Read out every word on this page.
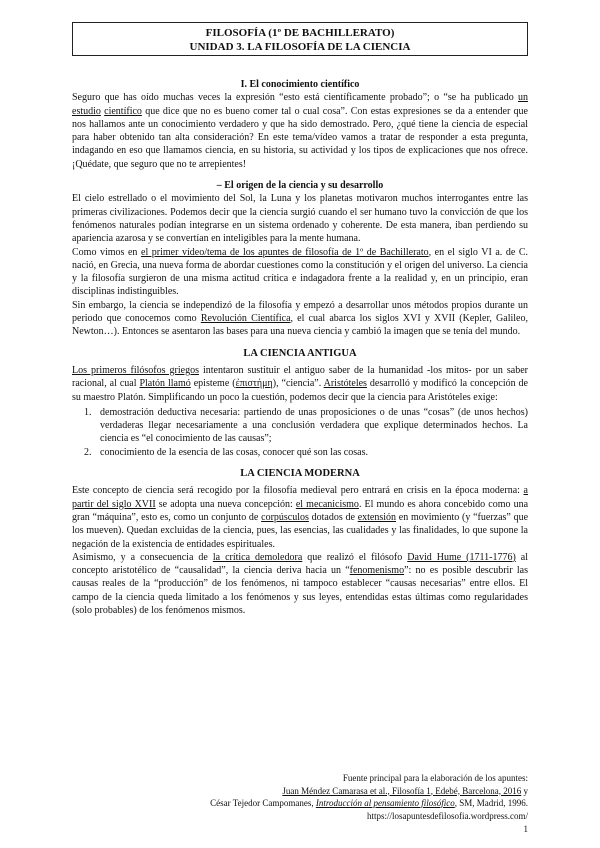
FILOSOFÍA (1º DE BACHILLERATO)
UNIDAD 3. LA FILOSOFÍA DE LA CIENCIA

I. El conocimiento científico

Seguro que has oído muchas veces la expresión “esto está científicamente probado”; o “se ha publicado un estudio científico que dice que no es bueno comer tal o cual cosa”. Con estas expresiones se da a entender que nos hallamos ante un conocimiento verdadero y que ha sido demostrado. Pero, ¿qué tiene la ciencia de especial para haber obtenido tan alta consideración? En este tema/vídeo vamos a tratar de responder a esta pregunta, indagando en eso que llamamos ciencia, en su historia, su actividad y los tipos de explicaciones que nos ofrece. ¡Quédate, que seguro que no te arrepientes!

– El origen de la ciencia y su desarrollo

El cielo estrellado o el movimiento del Sol, la Luna y los planetas motivaron muchos interrogantes entre las primeras civilizaciones. Podemos decir que la ciencia surgió cuando el ser humano tuvo la convicción de que los fenómenos naturales podían integrarse en un sistema ordenado y coherente. De esta manera, iban perdiendo su apariencia azarosa y se convertían en inteligibles para la mente humana.

Como vimos en el primer vídeo/tema de los apuntes de filosofía de 1º de Bachillerato, en el siglo VI a. de C. nació, en Grecia, una nueva forma de abordar cuestiones como la constitución y el origen del universo. La ciencia y la filosofía surgieron de una misma actitud crítica e indagadora frente a la realidad y, en un principio, eran disciplinas indistinguibles.

Sin embargo, la ciencia se independizó de la filosofía y empezó a desarrollar unos métodos propios durante un periodo que conocemos como Revolución Científica, el cual abarca los siglos XVI y XVII (Kepler, Galileo, Newton…). Entonces se asentaron las bases para una nueva ciencia y cambió la imagen que se tenía del mundo.

LA CIENCIA ANTIGUA

Los primeros filósofos griegos intentaron sustituir el antiguo saber de la humanidad -los mitos- por un saber racional, al cual Platón llamó episteme (ἐπιστήμη), “ciencia”. Aristóteles desarrolló y modificó la concepción de su maestro Platón. Simplificando un poco la cuestión, podemos decir que la ciencia para Aristóteles exige:

1. demostración deductiva necesaria: partiendo de unas proposiciones o de unas “cosas” (de unos hechos) verdaderas llegar necesariamente a una conclusión verdadera que explique determinados hechos. La ciencia es “el conocimiento de las causas”;
2. conocimiento de la esencia de las cosas, conocer qué son las cosas.

LA CIENCIA MODERNA

Este concepto de ciencia será recogido por la filosofía medieval pero entrará en crisis en la época moderna: a partir del siglo XVII se adopta una nueva concepción: el mecanicismo. El mundo es ahora concebido como una gran “máquina”, esto es, como un conjunto de corpúsculos dotados de extensión en movimiento (y “fuerzas” que los mueven). Quedan excluidas de la ciencia, pues, las esencias, las cualidades y las finalidades, lo que supone la negación de la existencia de entidades espirituales.

Asimismo, y a consecuencia de la crítica demoledora que realizó el filósofo David Hume (1711-1776) al concepto aristotélico de “causalidad”, la ciencia deriva hacia un “fenomenismo”: no es posible descubrir las causas reales de la “producción” de los fenómenos, ni tampoco establecer “causas necesarias” entre ellos. El campo de la ciencia queda limitado a los fenómenos y sus leyes, entendidas estas últimas como regularidades (solo probables) de los fenómenos mismos.

Fuente principal para la elaboración de los apuntes:
Juan Méndez Camarasa et al., Filosofía 1, Edebé, Barcelona, 2016 y
César Tejedor Campomanes, Introducción al pensamiento filosófico, SM, Madrid, 1996.
https://losapuntesdefilosofia.wordpress.com/
1
